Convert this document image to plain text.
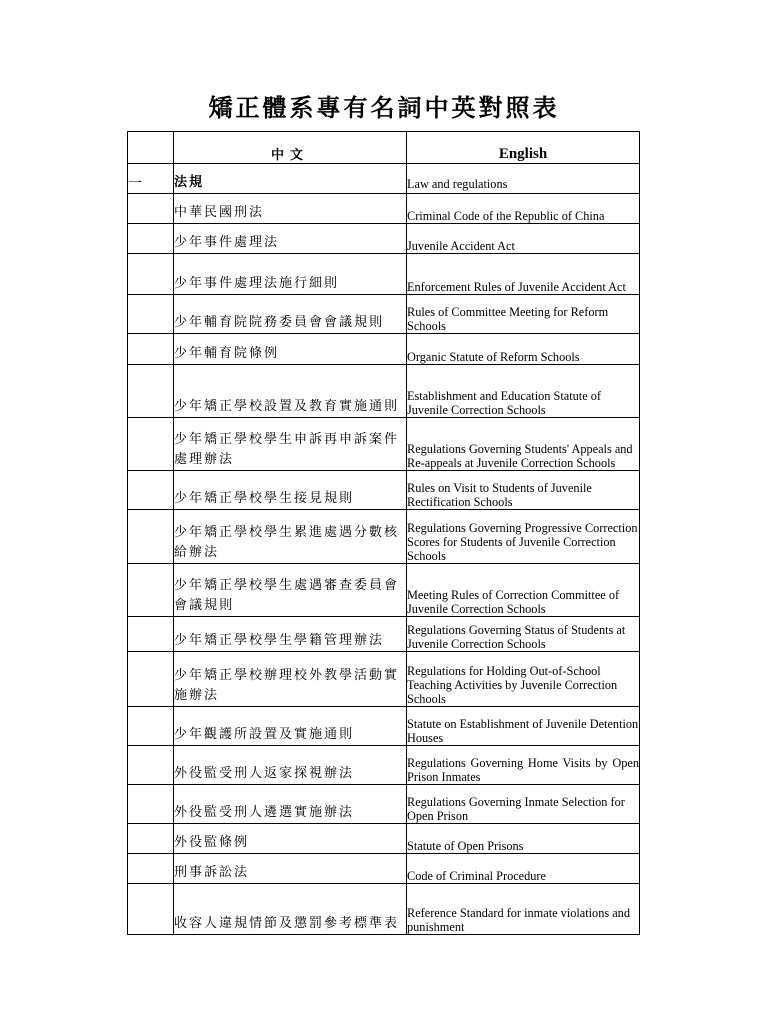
矯正體系專有名詞中英對照表
	中文	English
一	法規	Law and regulations
	中華民國刑法	Criminal Code of the Republic of China
	少年事件處理法	Juvenile Accident Act
	少年事件處理法施行細則	Enforcement Rules of Juvenile Accident Act
	少年輔育院院務委員會會議規則	Rules of Committee Meeting for Reform Schools
	少年輔育院條例	Organic Statute of Reform Schools
	少年矯正學校設置及教育實施通則	Establishment and Education Statute of Juvenile Correction Schools
	少年矯正學校學生申訴再申訴案件處理辦法	Regulations Governing Students' Appeals and Re-appeals at Juvenile Correction Schools
	少年矯正學校學生接見規則	Rules on Visit to Students of Juvenile Rectification Schools
	少年矯正學校學生累進處遇分數核給辦法	Regulations Governing Progressive Correction Scores for Students of Juvenile Correction Schools
	少年矯正學校學生處遇審查委員會會議規則	Meeting Rules of Correction Committee of Juvenile Correction Schools
	少年矯正學校學生學籍管理辦法	Regulations Governing Status of Students at Juvenile Correction Schools
	少年矯正學校辦理校外教學活動實施辦法	Regulations for Holding Out-of-School Teaching Activities by Juvenile Correction Schools
	少年觀護所設置及實施通則	Statute on Establishment of Juvenile Detention Houses
	外役監受刑人返家探視辦法	Regulations Governing Home Visits by Open Prison Inmates
	外役監受刑人遴選實施辦法	Regulations Governing Inmate Selection for Open Prison
	外役監條例	Statute of Open Prisons
	刑事訴訟法	Code of Criminal Procedure
	收容人違規情節及懲罰參考標準表	Reference Standard for inmate violations and punishment
